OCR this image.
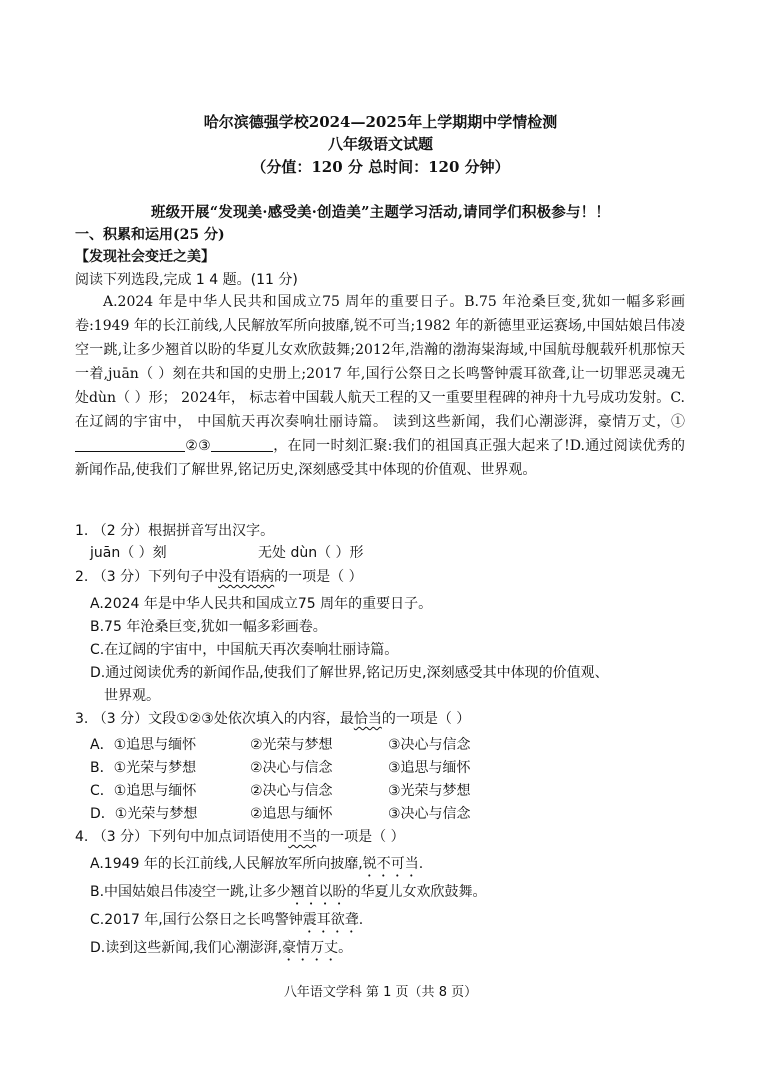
哈尔滨德强学校2024—2025年上学期期中学情检测
八年级语文试题
（分值：120 分 总时间：120 分钟）
班级开展“发现美·感受美·创造美”主题学习活动,请同学们积极参与！！
一、积累和运用(25 分)
【发现社会变迁之美】
阅读下列选段,完成 1 4 题。(11 分)

A.2024 年是中华人民共和国成立75 周年的重要日子。B.75 年沧桑巨变,犹如一幅多彩画卷:1949 年的长江前线,人民解放军所向披靡,锐不可当;1982 年的新德里亚运赛场,中国姑娘吕伟凌空一跳,让多少翘首以盼的华夏儿女欢欣鼓舞;2012年,浩瀚的渤海粜海域,中国航母舰载歼机那惊天一着,juān（ ）刻在共和国的史册上;2017 年,国行公祭日之长鸣警钟震耳欲聋,让一切罪恶灵魂无处dùn（ ）形； 2024年， 标志着中国载人航天工程的又一重要里程碑的神舟十九号成功发射。C.在辽阔的宇宙中， 中国航天再次奏响壮丽诗篇。 读到这些新闻，我们心潮澎湃，豪情万丈，①②③	，在同一时刻汇聚:我们的祖国真正强大起来了!D.通过阅读优秀的新闻作品,使我们了解世界,铭记历史,深刻感受其中体现的价值观、世界观。

1. （2 分）根据拼音写出汉字。
juān（ ）刻	无处 dùn（ ）形
2. （3 分）下列句子中没有语病的一项是（ ）
A.2024 年是中华人民共和国成立75 周年的重要日子。
B.75 年沧桑巨变,犹如一幅多彩画卷。
C.在辽阔的宇宙中，中国航天再次奏响壮丽诗篇。
D.通过阅读优秀的新闻作品,使我们了解世界,铭记历史,深刻感受其中体现的价值观、
世界观。
3. （3 分）文段①②③处依次填入的内容，最恰当的一项是（ ）
A．①追思与缅怀	②光荣与梦想	③决心与信念
B．①光荣与梦想	②决心与信念	③追思与缅怀
C．①追思与缅怀	②决心与信念	③光荣与梦想
D．①光荣与梦想	②追思与缅怀	③决心与信念
4. （3 分）下列句中加点词语使用不当的一项是（ ）
A.1949 年的长江前线,人民解放军所向披靡,锐不可当.
B.中国姑娘吕伟凌空一跳,让多少翘首以盼的华夏儿女欢欣鼓舞。
C.2017 年,国行公祭日之长鸣警钟震耳欲聋.
D.读到这些新闻,我们心潮澎湃,豪情万丈。
八年语文学科 第 1 页（共 8 页）
